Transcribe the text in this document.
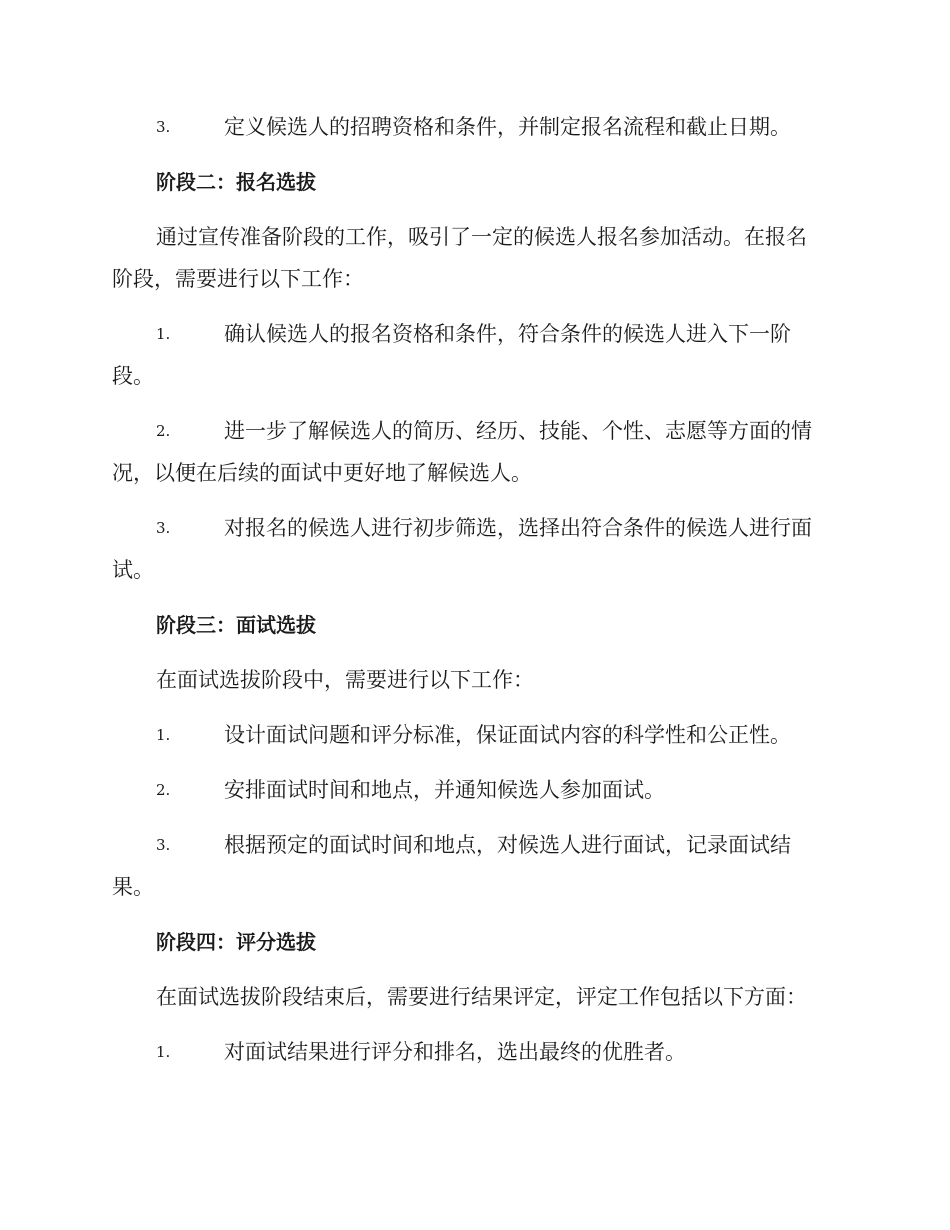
3.	定义候选人的招聘资格和条件，并制定报名流程和截止日期。
阶段二：报名选拔
通过宣传准备阶段的工作，吸引了一定的候选人报名参加活动。在报名
阶段，需要进行以下工作：
1.	确认候选人的报名资格和条件，符合条件的候选人进入下一阶
段。
2.	进一步了解候选人的简历、经历、技能、个性、志愿等方面的情
况，以便在后续的面试中更好地了解候选人。
3.	对报名的候选人进行初步筛选，选择出符合条件的候选人进行面
试。
阶段三：面试选拔
在面试选拔阶段中，需要进行以下工作：
1.	设计面试问题和评分标准，保证面试内容的科学性和公正性。
2.	安排面试时间和地点，并通知候选人参加面试。
3.	根据预定的面试时间和地点，对候选人进行面试，记录面试结
果。
阶段四：评分选拔
在面试选拔阶段结束后，需要进行结果评定，评定工作包括以下方面：
1.	对面试结果进行评分和排名，选出最终的优胜者。
